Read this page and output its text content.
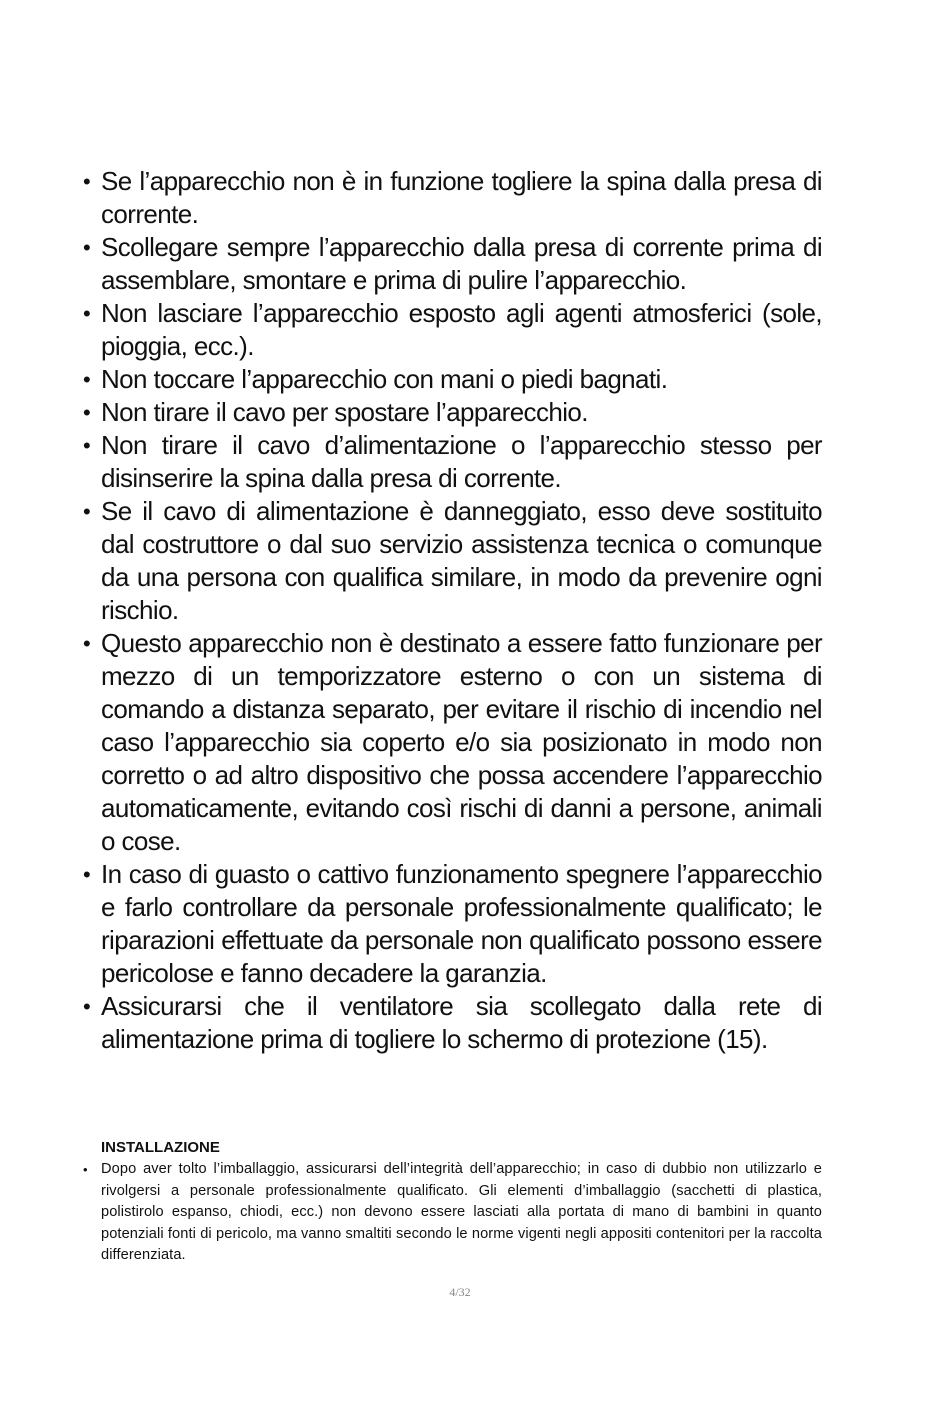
• Se l’apparecchio non è in funzione togliere la spina dalla presa di corrente.
• Scollegare sempre l’apparecchio dalla presa di corrente prima di assemblare, smontare e prima di pulire l’apparecchio.
• Non lasciare l’apparecchio esposto agli agenti atmosferici (sole, pioggia, ecc.).
• Non toccare l’apparecchio con mani o piedi bagnati.
• Non tirare il cavo per spostare l’apparecchio.
• Non tirare il cavo d’alimentazione o l’apparecchio stesso per disinserire la spina dalla presa di corrente.
• Se il cavo di alimentazione è danneggiato, esso deve sostituito dal costruttore o dal suo servizio assistenza tecnica o comunque da una persona con qualifica similare, in modo da prevenire ogni rischio.
• Questo apparecchio non è destinato a essere fatto funzionare per mezzo di un temporizzatore esterno o con un sistema di comando a distanza separato, per evitare il rischio di incendio nel caso l’apparecchio sia coperto e/o sia posizionato in modo non corretto o ad altro dispositivo che possa accendere l’apparecchio automaticamente, evitando così rischi di danni a persone, animali o cose.
• In caso di guasto o cattivo funzionamento spegnere l’apparecchio e farlo controllare da personale professionalmente qualificato; le riparazioni effettuate da personale non qualificato possono essere pericolose e fanno decadere la garanzia.
• Assicurarsi che il ventilatore sia scollegato dalla rete di alimentazione prima di togliere lo schermo di protezione (15).
INSTALLAZIONE
• Dopo aver tolto l’imballaggio, assicurarsi dell’integrità dell’apparecchio; in caso di dubbio non utilizzarlo e rivolgersi a personale professionalmente qualificato. Gli elementi d’imballaggio (sacchetti di plastica, polistirolo espanso, chiodi, ecc.) non devono essere lasciati alla portata di mano di bambini in quanto potenziali fonti di pericolo, ma vanno smaltiti secondo le norme vigenti negli appositi contenitori per la raccolta differenziata.
4/32
